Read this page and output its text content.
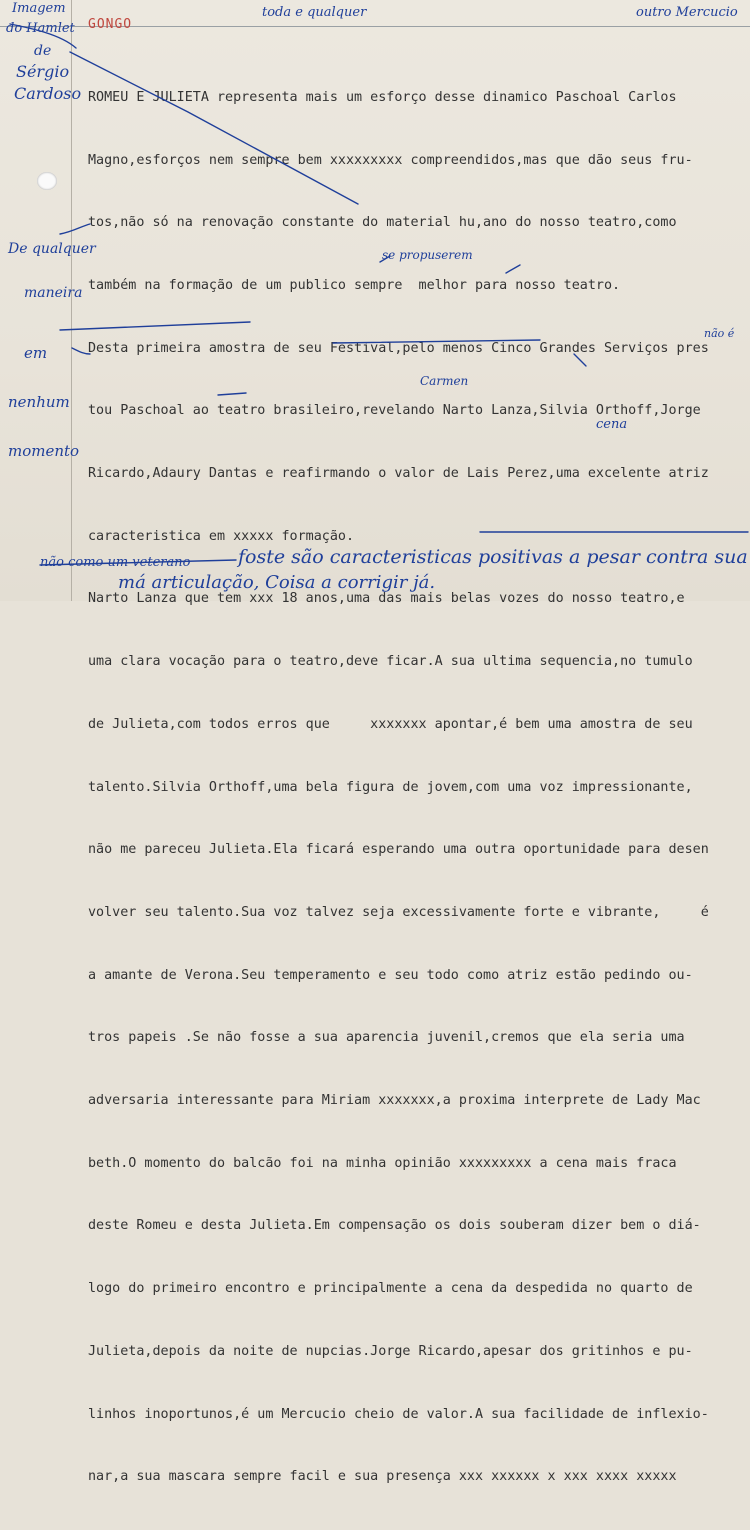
GONGO

Imagem

do Hamlet

de

Sérgio

Cardoso

toda e qualquer	outro Mercucio

ROMEU E JULIETA representa mais um esforço desse dinamico Paschoal Carlos

Magno,esforços nem sempre bem xxxxxxxxx compreendidos,mas que dão seus fru-

tos,não só na renovação constante do material hu,ano do nosso teatro,como

também na formação de um publico sempre  melhor para nosso teatro.

Desta primeira amostra de seu Festival,pelo menos Cinco Grandes Serviços pres

tou Paschoal ao teatro brasileiro,revelando Narto Lanza,Silvia Orthoff,Jorge

Ricardo,Adaury Dantas e reafirmando o valor de Lais Perez,uma excelente atriz

caracteristica em xxxxx formação.

Narto Lanza que tem xxx 18 anos,uma das mais belas vozes do nosso teatro,e

uma clara vocação para o teatro,deve ficar.A sua ultima sequencia,no tumulo

de Julieta,com todos erros que     xxxxxxx apontar,é bem uma amostra de seu

talento.Silvia Orthoff,uma bela figura de jovem,com uma voz impressionante,

não me pareceu Julieta.Ela ficará esperando uma outra oportunidade para desen

volver seu talento.Sua voz talvez seja excessivamente forte e vibrante,     é

a amante de Verona.Seu temperamento e seu todo como atriz estão pedindo ou-

tros papeis .Se não fosse a sua aparencia juvenil,cremos que ela seria uma

adversaria interessante para Miriam xxxxxxx,a proxima interprete de Lady Mac

beth.O momento do balcão foi na minha opinião xxxxxxxxx a cena mais fraca

deste Romeu e desta Julieta.Em compensação os dois souberam dizer bem o diá-

logo do primeiro encontro e principalmente a cena da despedida no quarto de

Julieta,depois da noite de nupcias.Jorge Ricardo,apesar dos gritinhos e pu-

linhos inoportunos,é um Mercucio cheio de valor.A sua facilidade de inflexio-

nar,a sua mascara sempre facil e sua presença xxx xxxxxx x xxx xxxx xxxxx

De qualquer

maneira

se propuserem

em

nenhum

momento

não é
Carmen
cena
não como um veterano	foste são caracteristicas positivas a pesar contra sua
má articulação, Coisa a corrigir já.
